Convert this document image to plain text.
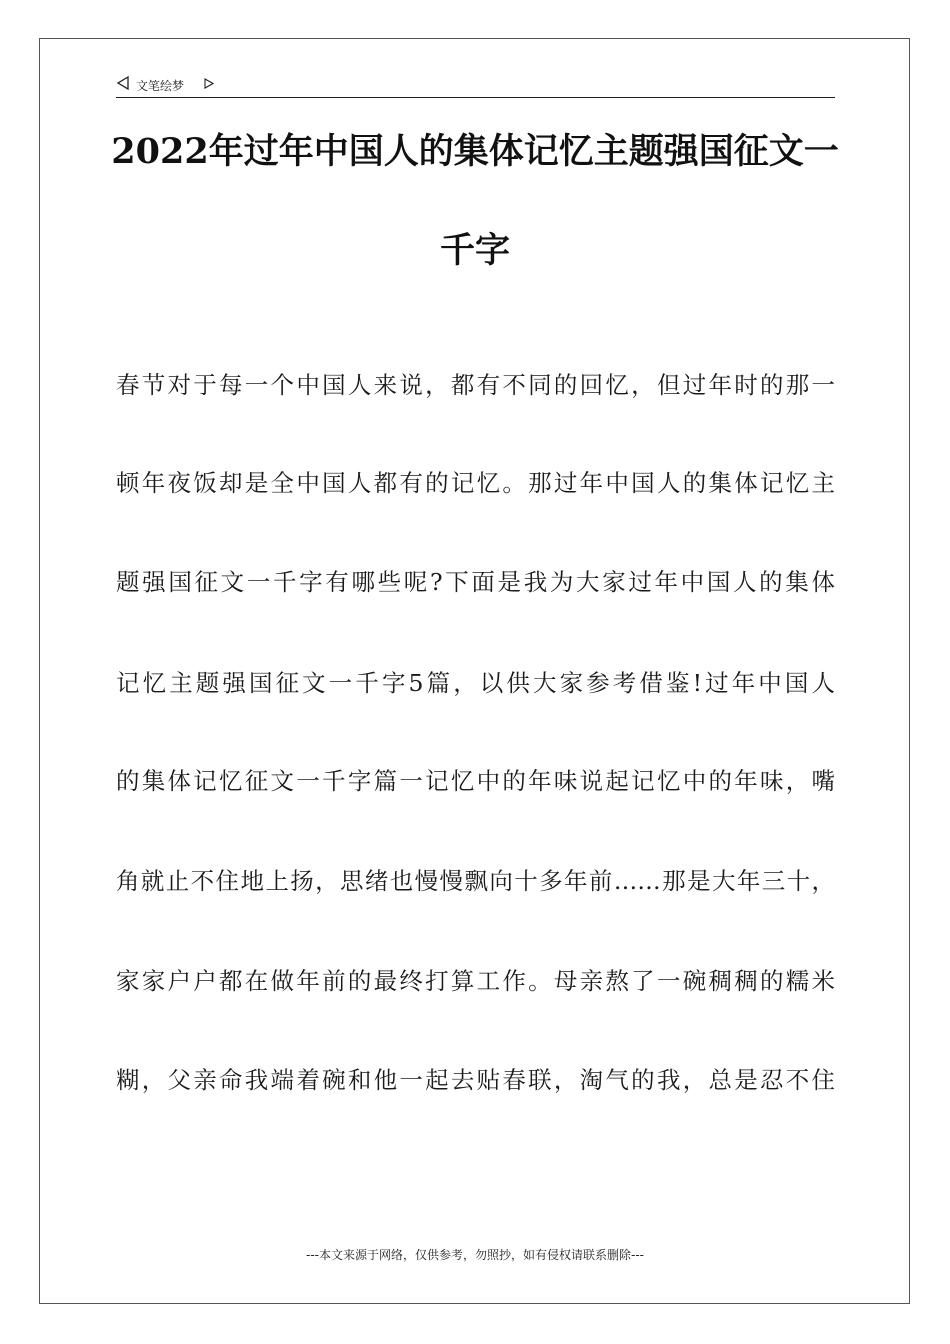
文笔绘梦
2022年过年中国人的集体记忆主题强国征文一
千字
春节对于每一个中国人来说，都有不同的回忆，但过年时的那一
顿年夜饭却是全中国人都有的记忆。那过年中国人的集体记忆主
题强国征文一千字有哪些呢?下面是我为大家过年中国人的集体
记忆主题强国征文一千字5篇，以供大家参考借鉴!过年中国人
的集体记忆征文一千字篇一记忆中的年味说起记忆中的年味，嘴
角就止不住地上扬，思绪也慢慢飘向十多年前……那是大年三十，
家家户户都在做年前的最终打算工作。母亲熬了一碗稠稠的糯米
糊，父亲命我端着碗和他一起去贴春联，淘气的我，总是忍不住
---本文来源于网络，仅供参考，勿照抄，如有侵权请联系删除---
